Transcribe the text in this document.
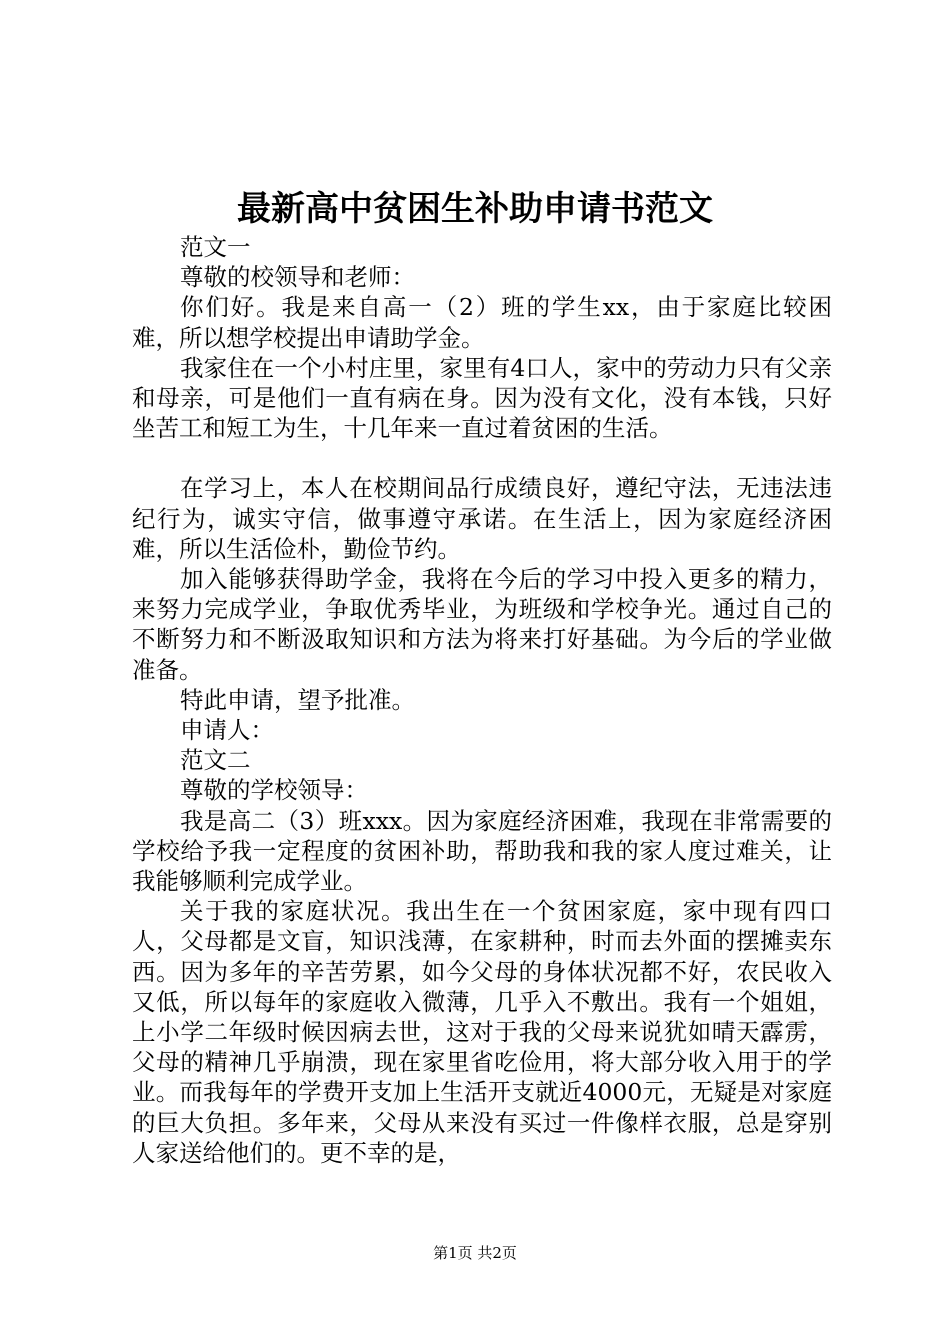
最新高中贫困生补助申请书范文

范文一

尊敬的校领导和老师：

你们好。我是来自高一（2）班的学生xx，由于家庭比较困难，所以想学校提出申请助学金。

我家住在一个小村庄里，家里有4口人，家中的劳动力只有父亲和母亲，可是他们一直有病在身。因为没有文化，没有本钱，只好坐苦工和短工为生，十几年来一直过着贫困的生活。

在学习上，本人在校期间品行成绩良好，遵纪守法，无违法违纪行为，诚实守信，做事遵守承诺。在生活上，因为家庭经济困难，所以生活俭朴，勤俭节约。

加入能够获得助学金，我将在今后的学习中投入更多的精力，来努力完成学业，争取优秀毕业，为班级和学校争光。通过自己的不断努力和不断汲取知识和方法为将来打好基础。为今后的学业做准备。

特此申请，望予批准。

申请人：

范文二

尊敬的学校领导：

我是高二（3）班xxx。因为家庭经济困难，我现在非常需要的学校给予我一定程度的贫困补助，帮助我和我的家人度过难关，让我能够顺利完成学业。

关于我的家庭状况。我出生在一个贫困家庭，家中现有四口人，父母都是文盲，知识浅薄，在家耕种，时而去外面的摆摊卖东西。因为多年的辛苦劳累，如今父母的身体状况都不好，农民收入又低，所以每年的家庭收入微薄，几乎入不敷出。我有一个姐姐，上小学二年级时候因病去世，这对于我的父母来说犹如晴天霹雳，父母的精神几乎崩溃，现在家里省吃俭用，将大部分收入用于的学业。而我每年的学费开支加上生活开支就近4000元，无疑是对家庭的巨大负担。多年来，父母从来没有买过一件像样衣服，总是穿别人家送给他们的。更不幸的是，

第1页 共2页
